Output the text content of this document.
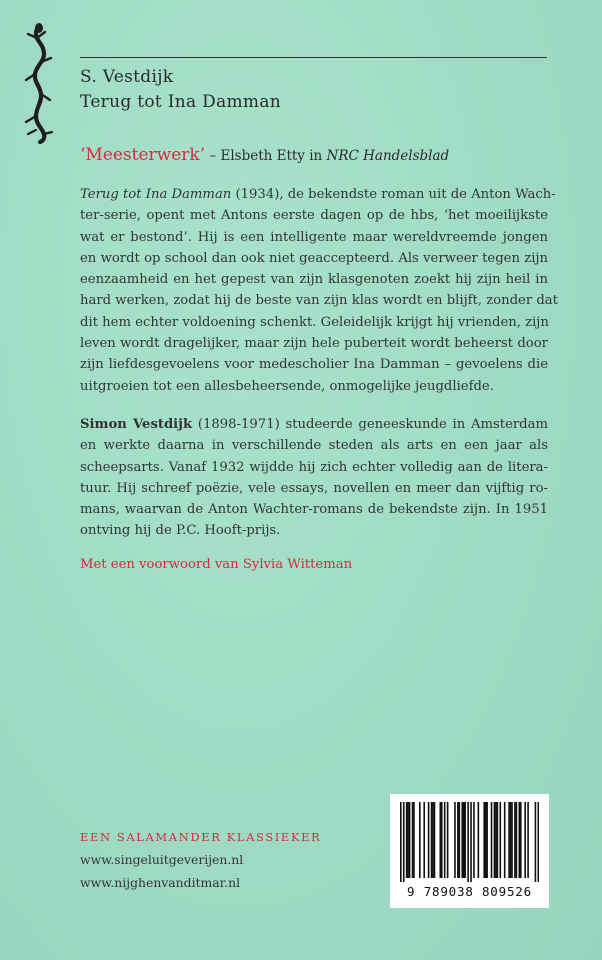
S. Vestdijk
Terug tot Ina Damman
‘Meesterwerk’ – Elsbeth Etty in NRC Handelsblad
Terug tot Ina Damman (1934), de bekendste roman uit de Anton Wach-
ter-serie, opent met Antons eerste dagen op de hbs, ‘het moeilijkste
wat er bestond’. Hij is een intelligente maar wereldvreemde jongen
en wordt op school dan ook niet geaccepteerd. Als verweer tegen zijn
eenzaamheid en het gepest van zijn klasgenoten zoekt hij zijn heil in
hard werken, zodat hij de beste van zijn klas wordt en blijft, zonder dat
dit hem echter voldoening schenkt. Geleidelijk krijgt hij vrienden, zijn
leven wordt dragelijker, maar zijn hele puberteit wordt beheerst door
zijn liefdesgevoelens voor medescholier Ina Damman – gevoelens die
uitgroeien tot een allesbeheersende, onmogelijke jeugdliefde.
Simon Vestdijk (1898-1971) studeerde geneeskunde in Amsterdam
en werkte daarna in verschillende steden als arts en een jaar als
scheepsarts. Vanaf 1932 wijdde hij zich echter volledig aan de litera-
tuur. Hij schreef poëzie, vele essays, novellen en meer dan vijftig ro-
mans, waarvan de Anton Wachter-romans de bekendste zijn. In 1951
ontving hij de P.C. Hooft-prijs.
Met een voorwoord van Sylvia Witteman
EEN SALAMANDER KLASSIEKER
www.singeluitgeverijen.nl
www.nijghenvanditmar.nl
9 789038 809526
